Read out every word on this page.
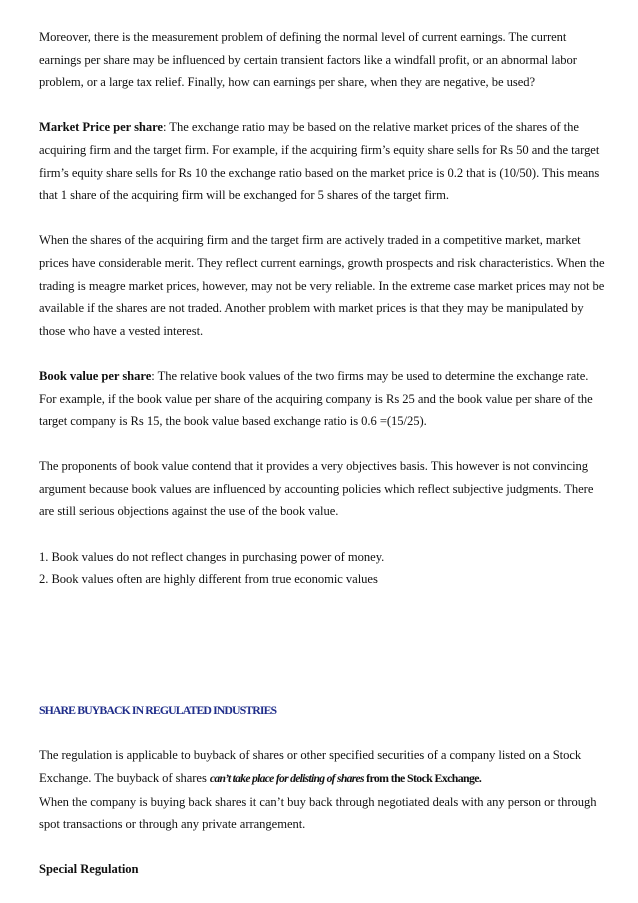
Moreover, there is the measurement problem of defining the normal level of current earnings. The current earnings per share may be influenced by certain transient factors like a windfall profit, or an abnormal labor problem, or a large tax relief. Finally, how can earnings per share, when they are negative, be used?

Market Price per share: The exchange ratio may be based on the relative market prices of the shares of the acquiring firm and the target firm. For example, if the acquiring firm’s equity share sells for Rs 50 and the target firm’s equity share sells for Rs 10 the exchange ratio based on the market price is 0.2 that is (10/50). This means that 1 share of the acquiring firm will be exchanged for 5 shares of the target firm.

When the shares of the acquiring firm and the target firm are actively traded in a competitive market, market prices have considerable merit. They reflect current earnings, growth prospects and risk characteristics. When the trading is meagre market prices, however, may not be very reliable. In the extreme case market prices may not be available if the shares are not traded. Another problem with market prices is that they may be manipulated by those who have a vested interest.

Book value per share: The relative book values of the two firms may be used to determine the exchange rate. For example, if the book value per share of the acquiring company is Rs 25 and the book value per share of the target company is Rs 15, the book value based exchange ratio is 0.6 =(15/25).

The proponents of book value contend that it provides a very objectives basis. This however is not convincing argument because book values are influenced by accounting policies which reflect subjective judgments. There are still serious objections against the use of the book value.

1. Book values do not reflect changes in purchasing power of money.

2. Book values often are highly different from true economic values

SHARE BUYBACK IN REGULATED INDUSTRIES

The regulation is applicable to buyback of shares or other specified securities of a company listed on a Stock Exchange. The buyback of shares can’t take place for delisting of shares from the Stock Exchange.

When the company is buying back shares it can’t buy back through negotiated deals with any person or through spot transactions or through any private arrangement.

Special Regulation
